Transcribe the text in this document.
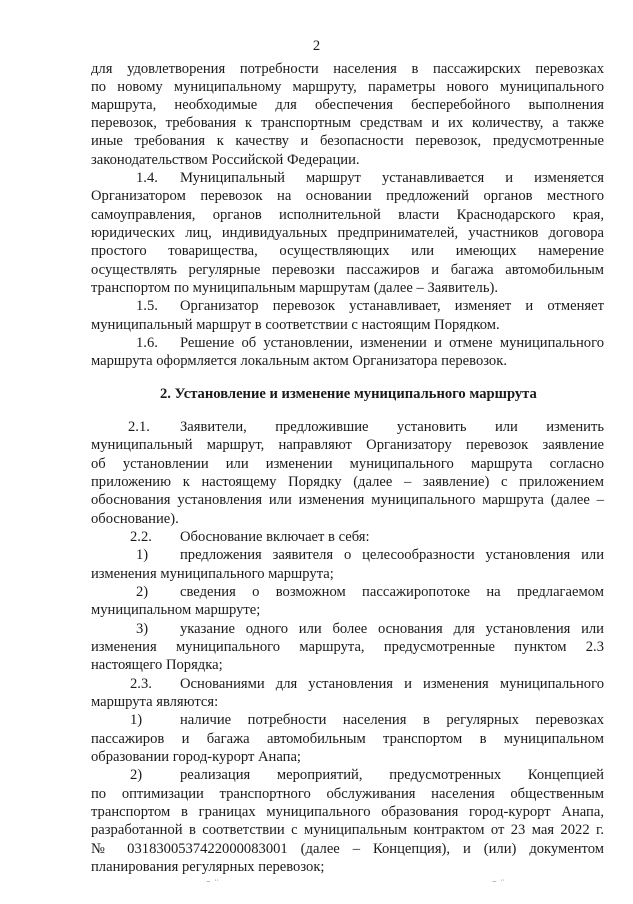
2
для удовлетворения потребности населения в пассажирских перевозках
по новому муниципальному маршруту, параметры нового муниципального
маршрута, необходимые для обеспечения бесперебойного выполнения
перевозок, требования к транспортным средствам и их количеству, а также
иные требования к качеству и безопасности перевозок, предусмотренные
законодательством Российской Федерации.
1.4. Муниципальный маршрут устанавливается и изменяется
Организатором перевозок на основании предложений органов местного
самоуправления, органов исполнительной власти Краснодарского края,
юридических лиц, индивидуальных предпринимателей, участников договора
простого товарищества, осуществляющих или имеющих намерение
осуществлять регулярные перевозки пассажиров и багажа автомобильным
транспортом по муниципальным маршрутам (далее – Заявитель).
1.5. Организатор перевозок устанавливает, изменяет и отменяет
муниципальный маршрут в соответствии с настоящим Порядком.
1.6. Решение об установлении, изменении и отмене муниципального
маршрута оформляется локальным актом Организатора перевозок.
2. Установление и изменение муниципального маршрута
2.1. Заявители, предложившие установить или изменить
муниципальный маршрут, направляют Организатору перевозок заявление
об установлении или изменении муниципального маршрута согласно
приложению к настоящему Порядку (далее – заявление) с приложением
обоснования установления или изменения муниципального маршрута (далее –
обоснование).
2.2. Обоснование включает в себя:
1) предложения заявителя о целесообразности установления или
изменения муниципального маршрута;
2) сведения о возможном пассажиропотоке на предлагаемом
муниципальном маршруте;
3) указание одного или более основания для установления или
изменения муниципального маршрута, предусмотренные пунктом 2.3
настоящего Порядка;
2.3. Основаниями для установления и изменения муниципального
маршрута являются:
1)	наличие потребности населения в регулярных перевозках
пассажиров и багажа автомобильным транспортом в муниципальном
образовании город-курорт Анапа;
2)	реализация мероприятий, предусмотренных Концепцией
по оптимизации транспортного обслуживания населения общественным
транспортом в границах муниципального образования город-курорт Анапа,
разработанной в соответствии с муниципальным контрактом от 23 мая 2022 г.
№ 0318300537422000083001 (далее – Концепция), и (или) документом
планирования регулярных перевозок;
⁻ ͘ ͘	⁻ ͘ ͘
